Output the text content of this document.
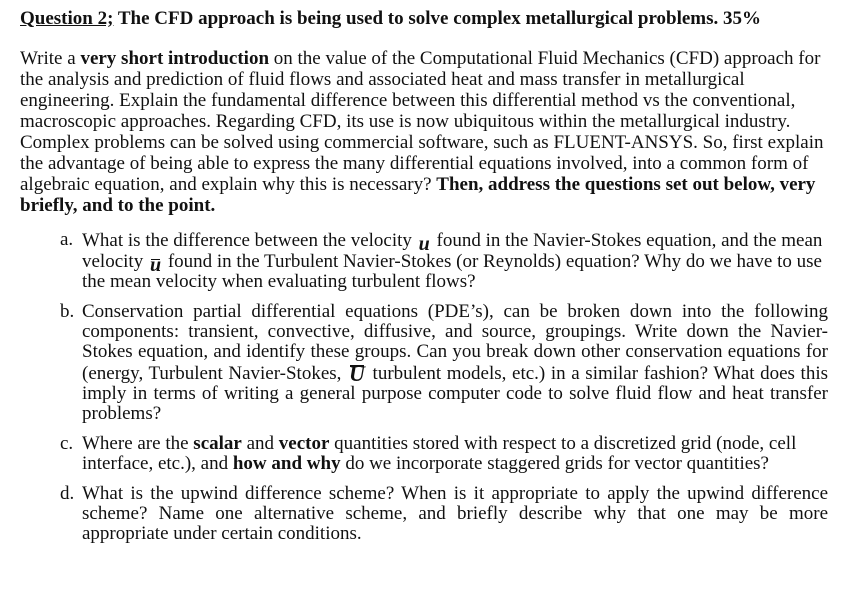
Question 2; The CFD approach is being used to solve complex metallurgical problems. 35%

Write a very short introduction on the value of the Computational Fluid Mechanics (CFD) approach for the analysis and prediction of fluid flows and associated heat and mass transfer in metallurgical engineering. Explain the fundamental difference between this differential method vs the conventional, macroscopic approaches. Regarding CFD, its use is now ubiquitous within the metallurgical industry. Complex problems can be solved using commercial software, such as FLUENT-ANSYS. So, first explain the advantage of being able to express the many differential equations involved, into a common form of algebraic equation, and explain why this is necessary? Then, address the questions set out below, very briefly, and to the point.

a. What is the difference between the velocity u found in the Navier-Stokes equation, and the mean velocity u found in the Turbulent Navier-Stokes (or Reynolds) equation? Why do we have to use the mean velocity when evaluating turbulent flows?
b. Conservation partial differential equations (PDE’s), can be broken down into the following components: transient, convective, diffusive, and source, groupings. Write down the Navier-Stokes equation, and identify these groups. Can you break down other conservation equations for (energy, Turbulent Navier-Stokes, U turbulent models, etc.) in a similar fashion? What does this imply in terms of writing a general purpose computer code to solve fluid flow and heat transfer problems?
c. Where are the scalar and vector quantities stored with respect to a discretized grid (node, cell interface, etc.), and how and why do we incorporate staggered grids for vector quantities?
d. What is the upwind difference scheme? When is it appropriate to apply the upwind difference scheme? Name one alternative scheme, and briefly describe why that one may be more appropriate under certain conditions.
